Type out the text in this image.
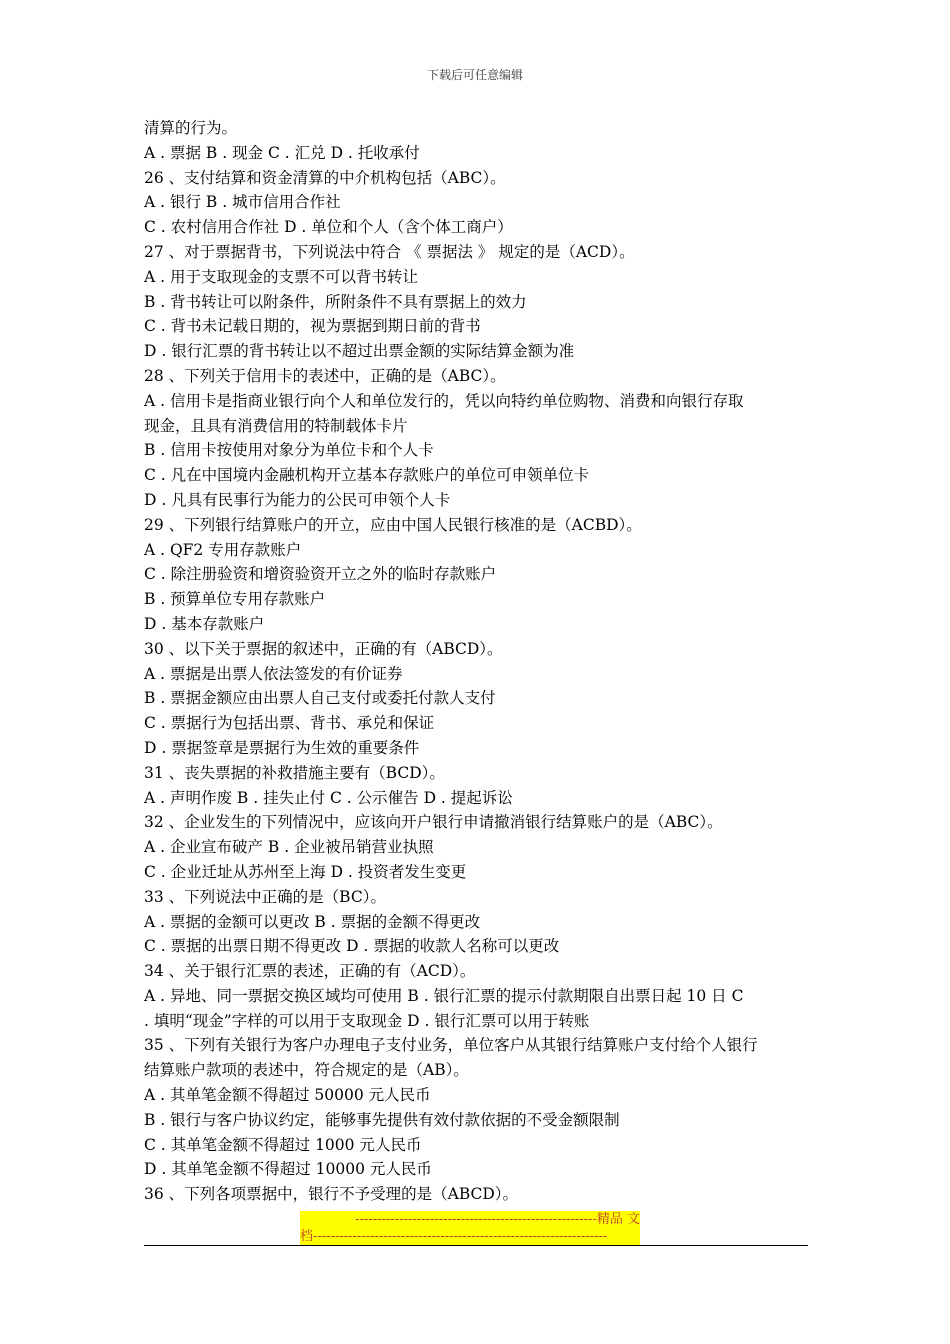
下载后可任意编辑
清算的行为。
A . 票据 B . 现金 C . 汇兑 D . 托收承付
26 、支付结算和资金清算的中介机构包括（ABC）。
A . 银行 B . 城市信用合作社
C . 农村信用合作社 D . 单位和个人（含个体工商户）
27 、对于票据背书，下列说法中符合 《 票据法 》 规定的是（ACD）。
A . 用于支取现金的支票不可以背书转让
B . 背书转让可以附条件，所附条件不具有票据上的效力
C . 背书未记载日期的，视为票据到期日前的背书
D . 银行汇票的背书转让以不超过出票金额的实际结算金额为准
28 、下列关于信用卡的表述中，正确的是（ABC）。
A . 信用卡是指商业银行向个人和单位发行的，凭以向特约单位购物、消费和向银行存取
现金，且具有消费信用的特制载体卡片
B . 信用卡按使用对象分为单位卡和个人卡
C . 凡在中国境内金融机构开立基本存款账户的单位可申领单位卡
D . 凡具有民事行为能力的公民可申领个人卡
29 、下列银行结算账户的开立，应由中国人民银行核准的是（ACBD）。
A . QF2 专用存款账户
C . 除注册验资和增资验资开立之外的临时存款账户
B . 预算单位专用存款账户
D . 基本存款账户
30 、以下关于票据的叙述中，正确的有（ABCD）。
A . 票据是出票人依法签发的有价证券
B . 票据金额应由出票人自己支付或委托付款人支付
C . 票据行为包括出票、背书、承兑和保证
D . 票据签章是票据行为生效的重要条件
31 、丧失票据的补救措施主要有（BCD）。
A . 声明作废 B . 挂失止付 C . 公示催告 D . 提起诉讼
32 、企业发生的下列情况中，应该向开户银行申请撤消银行结算账户的是（ABC）。
A . 企业宣布破产 B . 企业被吊销营业执照
C . 企业迁址从苏州至上海 D . 投资者发生变更
33 、下列说法中正确的是（BC）。
A . 票据的金额可以更改 B . 票据的金额不得更改
C . 票据的出票日期不得更改 D . 票据的收款人名称可以更改
34 、关于银行汇票的表述，正确的有（ACD）。
A . 异地、同一票据交换区域均可使用 B . 银行汇票的提示付款期限自出票日起 10 日 C
. 填明“现金”字样的可以用于支取现金 D . 银行汇票可以用于转账
35 、下列有关银行为客户办理电子支付业务，单位客户从其银行结算账户支付给个人银行
结算账户款项的表述中，符合规定的是（AB）。
A . 其单笔金额不得超过 50000 元人民币
B . 银行与客户协议约定，能够事先提供有效付款依据的不受金额限制
C . 其单笔金额不得超过 1000 元人民币
D . 其单笔金额不得超过 10000 元人民币
36 、下列各项票据中，银行不予受理的是（ABCD）。
-------------------------------------------------------精品 文
档-------------------------------------------------------------------
